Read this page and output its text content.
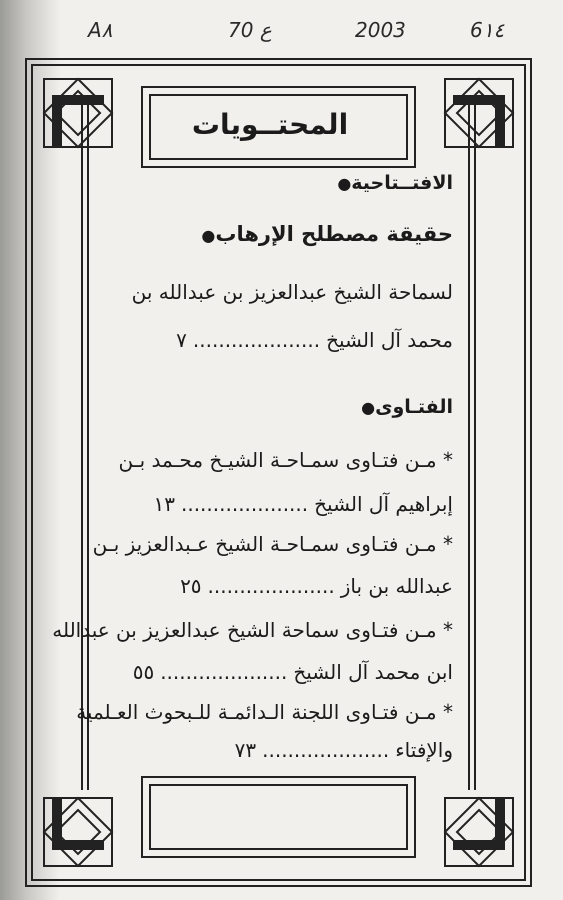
A۸	70 ع	2003	6١٤
المحتــويات
الافتــتاحية●
حقيقة مصطلح الإرهاب●
لسماحة الشيخ عبدالعزيز بن عبدالله بن
محمد آل الشيخ....................٧
الفتـاوى●
* مـن فتـاوى سمـاحـة الشيـخ محـمد بـن
إبراهيم آل الشيخ....................١٣
* مـن فتـاوى سمـاحـة الشيخ عـبدالعزيز بـن
عبدالله بن باز....................٢٥
* مـن فتـاوى سماحة الشيخ عبدالعزيز بن عبدالله
ابن محمد آل الشيخ....................٥٥
* مـن فتـاوى اللجنة الـدائمـة للـبحوث العـلمية
والإفتاء....................٧٣
